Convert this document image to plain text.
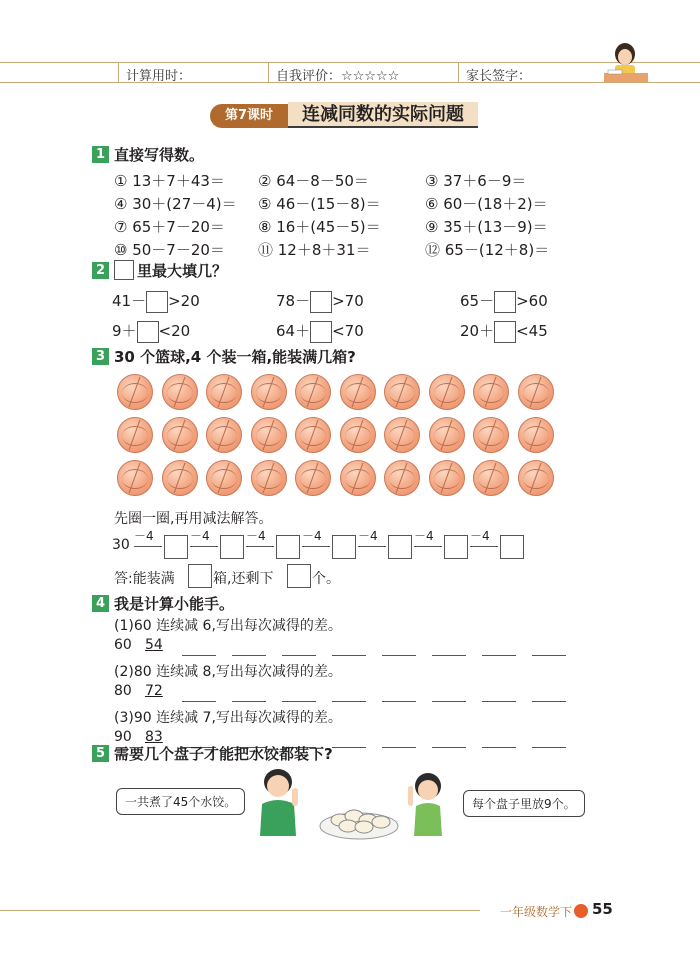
计算用时：	自我评价：☆☆☆☆☆	家长签字：
第7课时	连减同数的实际问题
1 直接写得数。
① 13＋7＋43＝ ② 64－8－50＝	③ 37＋6－9＝
④ 30＋(27－4)＝ ⑤ 46－(15－8)＝	⑥ 60－(18＋2)＝
⑦ 65＋7－20＝ ⑧ 16＋(45－5)＝	⑨ 35＋(13－9)＝
⑩ 50－7－20＝ ⑪ 12＋8＋31＝	⑫ 65－(12＋8)＝
2 里最大填几？
41－ >20	78－ >70	65－ >60
9＋ <20	64＋ <70	20＋ <45
3 30 个篮球,4 个装一箱,能装满几箱?
先圈一圈,再用减法解答。
30
－4	－4	－4	－4	－4	－4	－4
答:能装满	箱,还剩下	个。
4 我是计算小能手。
(1)60 连续减 6,写出每次减得的差。
60 54
(2)80 连续减 8,写出每次减得的差。
80 72
(3)90 连续减 7,写出每次减得的差。
90 83
5 需要几个盘子才能把水饺都装下?
一共煮了45个水饺。	每个盘子里放9个。
一年级数学下 55
